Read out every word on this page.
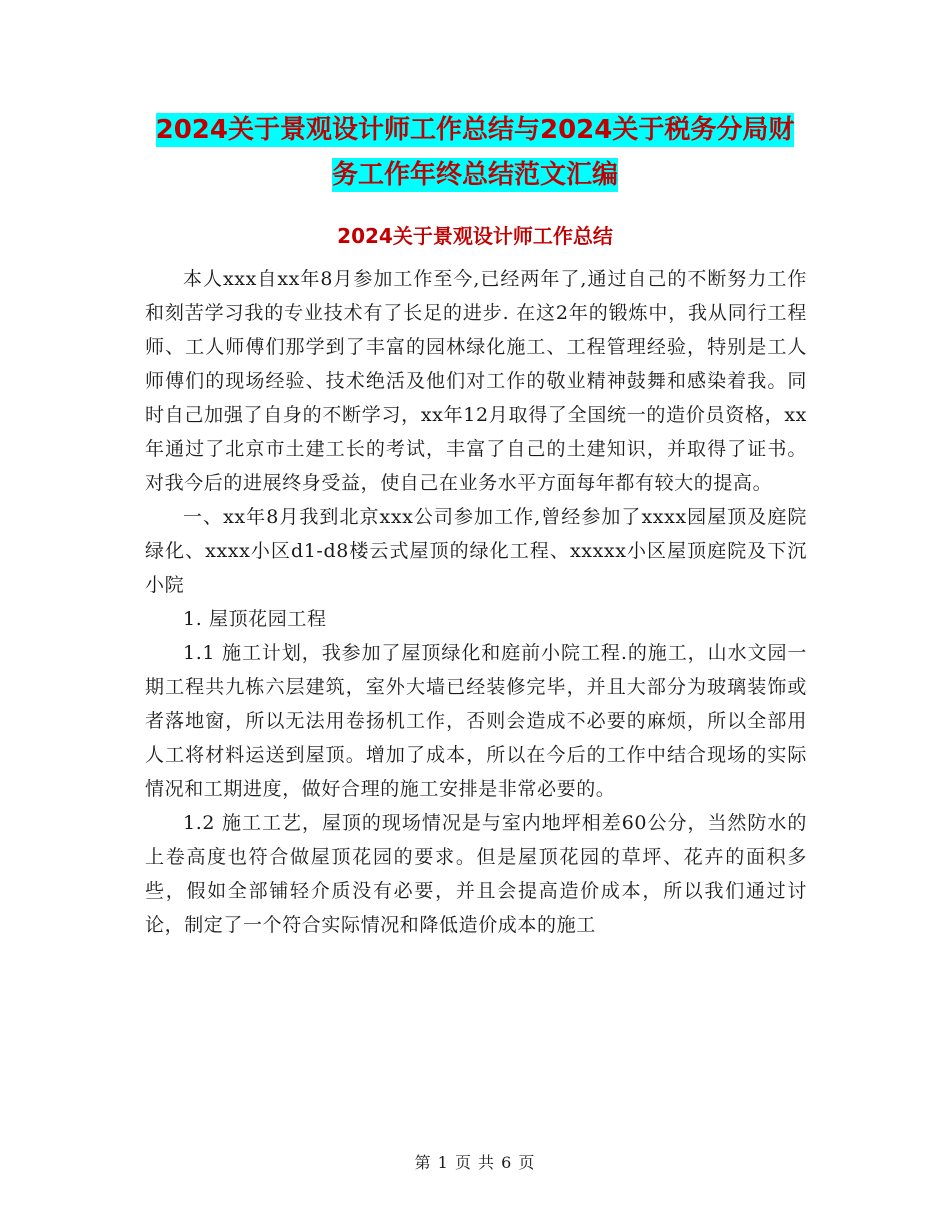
2024关于景观设计师工作总结与2024关于税务分局财
务工作年终总结范文汇编
2024关于景观设计师工作总结

本人xxx自xx年8月参加工作至今,已经两年了,通过自己的不断努力工作和刻苦学习我的专业技术有了长足的进步. 在这2年的锻炼中，我从同行工程师、工人师傅们那学到了丰富的园林绿化施工、工程管理经验，特别是工人师傅们的现场经验、技术绝活及他们对工作的敬业精神鼓舞和感染着我。同时自己加强了自身的不断学习，xx年12月取得了全国统一的造价员资格，xx年通过了北京市土建工长的考试，丰富了自己的土建知识，并取得了证书。对我今后的进展终身受益，使自己在业务水平方面每年都有较大的提高。

一、xx年8月我到北京xxx公司参加工作,曾经参加了xxxx园屋顶及庭院绿化、xxxx小区d1-d8楼云式屋顶的绿化工程、xxxxx小区屋顶庭院及下沉小院

1. 屋顶花园工程

1.1 施工计划，我参加了屋顶绿化和庭前小院工程.的施工，山水文园一期工程共九栋六层建筑，室外大墙已经装修完毕，并且大部分为玻璃装饰或者落地窗，所以无法用卷扬机工作，否则会造成不必要的麻烦，所以全部用人工将材料运送到屋顶。增加了成本，所以在今后的工作中结合现场的实际情况和工期进度，做好合理的施工安排是非常必要的。

1.2 施工工艺，屋顶的现场情况是与室内地坪相差60公分，当然防水的上卷高度也符合做屋顶花园的要求。但是屋顶花园的草坪、花卉的面积多些，假如全部铺轻介质没有必要，并且会提高造价成本，所以我们通过讨论，制定了一个符合实际情况和降低造价成本的施工

第 1 页 共 6 页
